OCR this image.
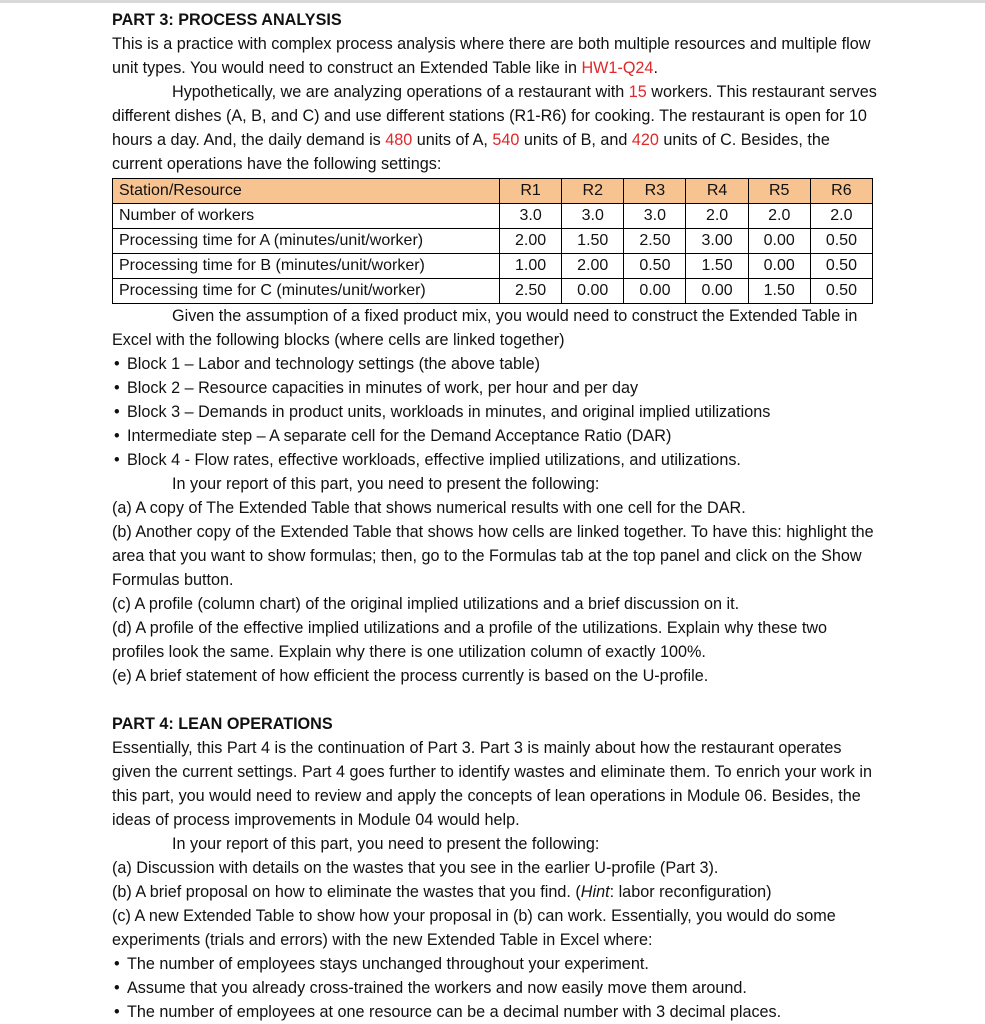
PART 3: PROCESS ANALYSIS

This is a practice with complex process analysis where there are both multiple resources and multiple flow unit types. You would need to construct an Extended Table like in HW1-Q24.

Hypothetically, we are analyzing operations of a restaurant with 15 workers. This restaurant serves different dishes (A, B, and C) and use different stations (R1-R6) for cooking. The restaurant is open for 10 hours a day. And, the daily demand is 480 units of A, 540 units of B, and 420 units of C. Besides, the current operations have the following settings:

Station/Resource	R1	R2	R3	R4	R5	R6
Number of workers	3.0	3.0	3.0	2.0	2.0	2.0
Processing time for A (minutes/unit/worker)	2.00	1.50	2.50	3.00	0.00	0.50
Processing time for B (minutes/unit/worker)	1.00	2.00	0.50	1.50	0.00	0.50
Processing time for C (minutes/unit/worker)	2.50	0.00	0.00	0.00	1.50	0.50

Given the assumption of a fixed product mix, you would need to construct the Extended Table in Excel with the following blocks (where cells are linked together)

• Block 1 – Labor and technology settings (the above table)

• Block 2 – Resource capacities in minutes of work, per hour and per day

• Block 3 – Demands in product units, workloads in minutes, and original implied utilizations

• Intermediate step – A separate cell for the Demand Acceptance Ratio (DAR)

• Block 4 - Flow rates, effective workloads, effective implied utilizations, and utilizations.

In your report of this part, you need to present the following:

(a) A copy of The Extended Table that shows numerical results with one cell for the DAR.

(b) Another copy of the Extended Table that shows how cells are linked together. To have this: highlight the area that you want to show formulas; then, go to the Formulas tab at the top panel and click on the Show Formulas button.

(c) A profile (column chart) of the original implied utilizations and a brief discussion on it.

(d) A profile of the effective implied utilizations and a profile of the utilizations. Explain why these two profiles look the same. Explain why there is one utilization column of exactly 100%.

(e) A brief statement of how efficient the process currently is based on the U-profile.

PART 4: LEAN OPERATIONS

Essentially, this Part 4 is the continuation of Part 3. Part 3 is mainly about how the restaurant operates given the current settings. Part 4 goes further to identify wastes and eliminate them. To enrich your work in this part, you would need to review and apply the concepts of lean operations in Module 06. Besides, the ideas of process improvements in Module 04 would help.

In your report of this part, you need to present the following:

(a) Discussion with details on the wastes that you see in the earlier U-profile (Part 3).

(b) A brief proposal on how to eliminate the wastes that you find. (Hint: labor reconfiguration)

(c) A new Extended Table to show how your proposal in (b) can work. Essentially, you would do some experiments (trials and errors) with the new Extended Table in Excel where:

• The number of employees stays unchanged throughout your experiment.

• Assume that you already cross-trained the workers and now easily move them around.

• The number of employees at one resource can be a decimal number with 3 decimal places.
